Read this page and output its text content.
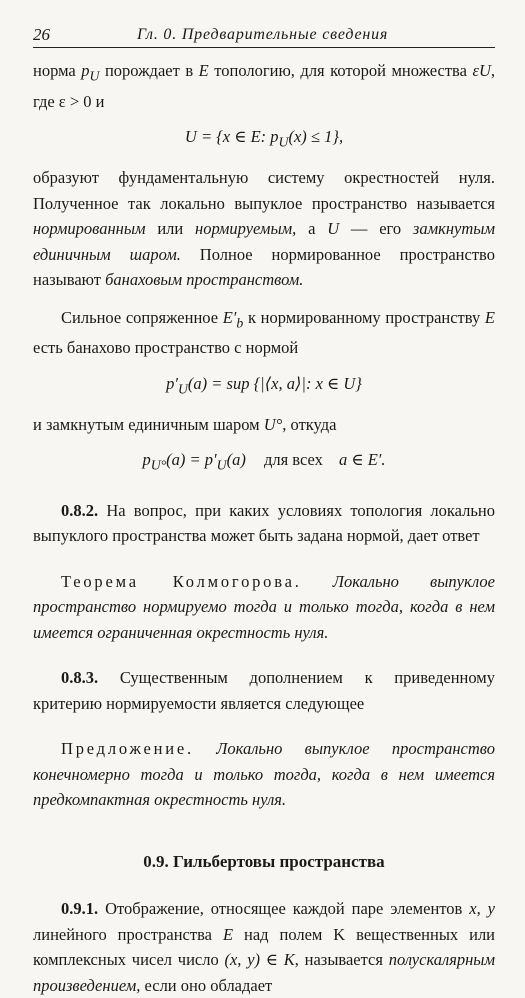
26	Гл. 0. Предварительные сведения

норма $p_U$ порождает в E топологию, для которой множества εU, где ε > 0 и

U = {x ∈ E: $p_U(x) \le 1$},

образуют фундаментальную систему окрестностей нуля. Полученное так локально выпуклое пространство называется нормированным или нормируемым, а U — его замкнутым единичным шаром. Полное нормированное пространство называют банаховым пространством.

Сильное сопряженное $E'_b$ к нормированному пространству E есть банахово пространство с нормой

$p'_U(a)$ = sup {|⟨x, a⟩|: x ∈ U}

и замкнутым единичным шаром U°, откуда

$p_{U^\circ}(a) = p'_U(a)$ для всех a ∈ E′.

0.8.2. На вопрос, при каких условиях топология локально выпуклого пространства может быть задана нормой, дает ответ

Теорема Колмогорова. Локально выпуклое пространство нормируемо тогда и только тогда, когда в нем имеется ограниченная окрестность нуля.

0.8.3. Существенным дополнением к приведенному критерию нормируемости является следующее

Предложение. Локально выпуклое пространство конечномерно тогда и только тогда, когда в нем имеется предкомпактная окрестность нуля.

0.9. Гильбертовы пространства

0.9.1. Отображение, относящее каждой паре элементов x, y линейного пространства E над полем K вещественных или комплексных чисел число (x, y) ∈ K, называется полускалярным произведением, если оно обладает
